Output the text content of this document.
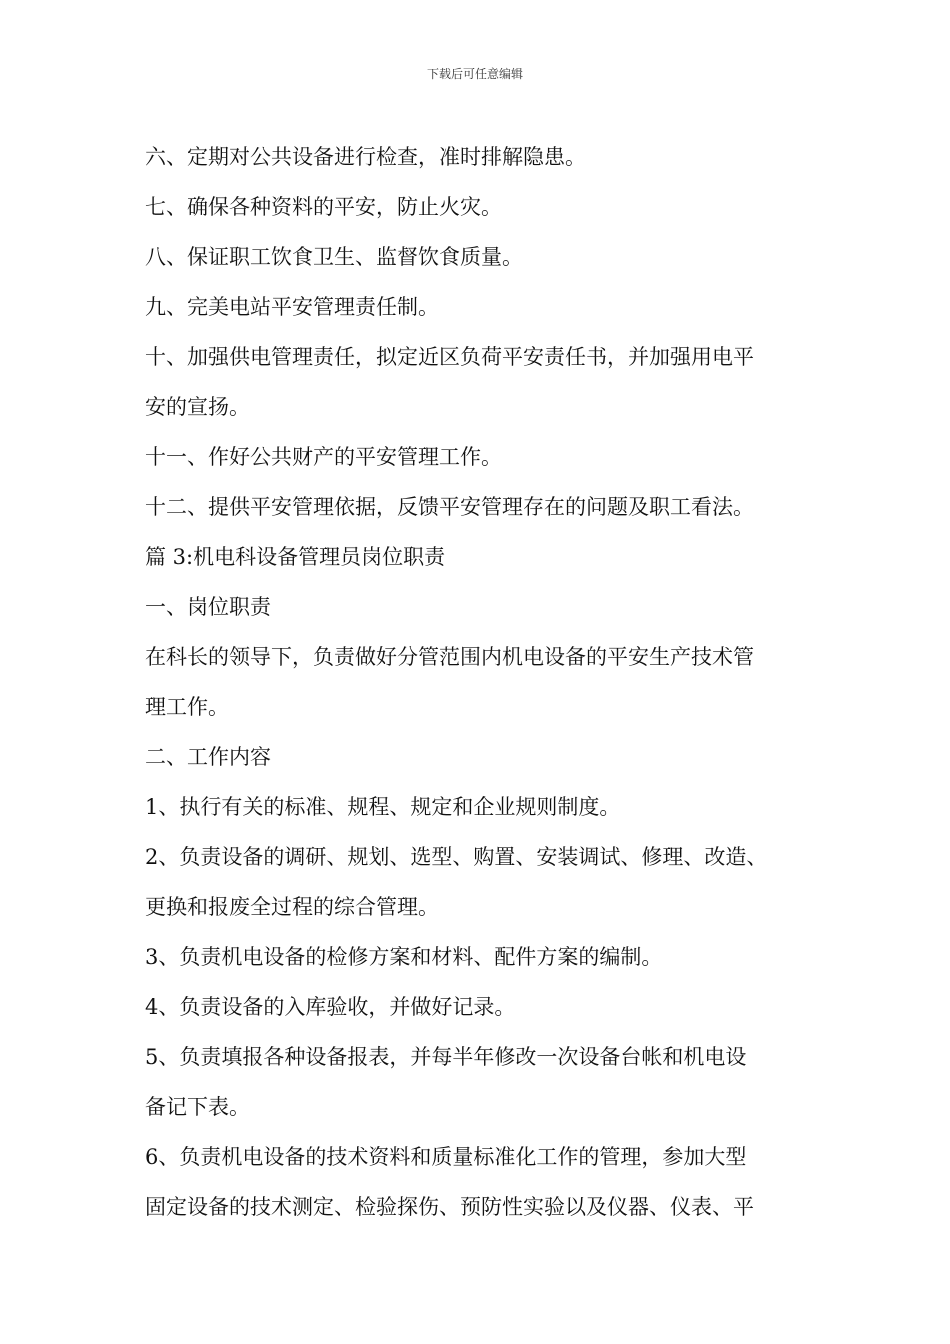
下载后可任意编辑
六、定期对公共设备进行检查，准时排解隐患。
七、确保各种资料的平安，防止火灾。
八、保证职工饮食卫生、监督饮食质量。
九、完美电站平安管理责任制。
十、加强供电管理责任，拟定近区负荷平安责任书，并加强用电平
安的宣扬。
十一、作好公共财产的平安管理工作。
十二、提供平安管理依据，反馈平安管理存在的问题及职工看法。
篇 3:机电科设备管理员岗位职责
一、岗位职责
在科长的领导下，负责做好分管范围内机电设备的平安生产技术管
理工作。
二、工作内容
1、执行有关的标准、规程、规定和企业规则制度。
2、负责设备的调研、规划、选型、购置、安装调试、修理、改造、
更换和报废全过程的综合管理。
3、负责机电设备的检修方案和材料、配件方案的编制。
4、负责设备的入库验收，并做好记录。
5、负责填报各种设备报表，并每半年修改一次设备台帐和机电设
备记下表。
6、负责机电设备的技术资料和质量标准化工作的管理，参加大型
固定设备的技术测定、检验探伤、预防性实验以及仪器、仪表、平
